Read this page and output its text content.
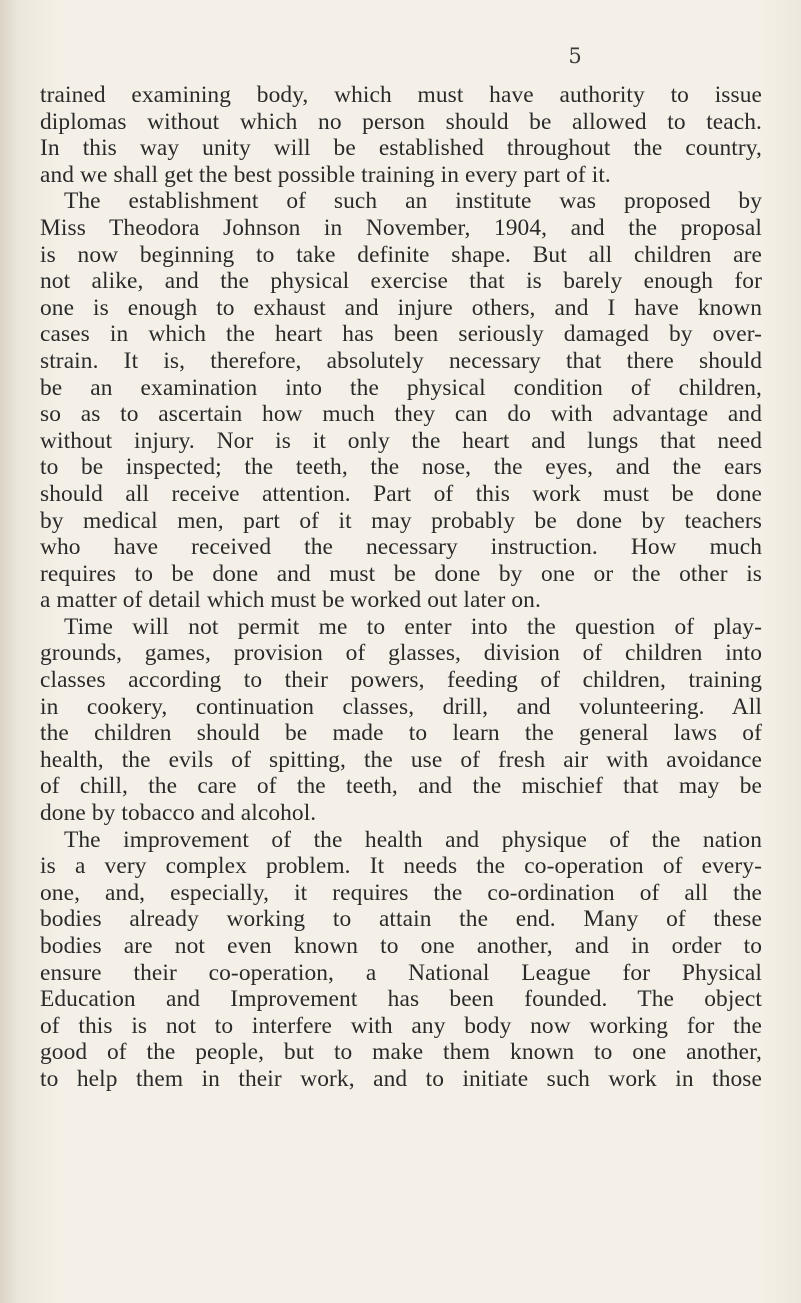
5
trained examining body, which must have authority to issue
diplomas without which no person should be allowed to teach.
In this way unity will be established throughout the country,
and we shall get the best possible training in every part of it.
The establishment of such an institute was proposed by
Miss Theodora Johnson in November, 1904, and the proposal
is now beginning to take definite shape. But all children are
not alike, and the physical exercise that is barely enough for
one is enough to exhaust and injure others, and I have known
cases in which the heart has been seriously damaged by over-
strain. It is, therefore, absolutely necessary that there should
be an examination into the physical condition of children,
so as to ascertain how much they can do with advantage and
without injury. Nor is it only the heart and lungs that need
to be inspected; the teeth, the nose, the eyes, and the ears
should all receive attention. Part of this work must be done
by medical men, part of it may probably be done by teachers
who have received the necessary instruction. How much
requires to be done and must be done by one or the other is
a matter of detail which must be worked out later on.
Time will not permit me to enter into the question of play-
grounds, games, provision of glasses, division of children into
classes according to their powers, feeding of children, training
in cookery, continuation classes, drill, and volunteering. All
the children should be made to learn the general laws of
health, the evils of spitting, the use of fresh air with avoidance
of chill, the care of the teeth, and the mischief that may be
done by tobacco and alcohol.
The improvement of the health and physique of the nation
is a very complex problem. It needs the co-operation of every-
one, and, especially, it requires the co-ordination of all the
bodies already working to attain the end. Many of these
bodies are not even known to one another, and in order to
ensure their co-operation, a National League for Physical
Education and Improvement has been founded. The object
of this is not to interfere with any body now working for the
good of the people, but to make them known to one another,
to help them in their work, and to initiate such work in those
